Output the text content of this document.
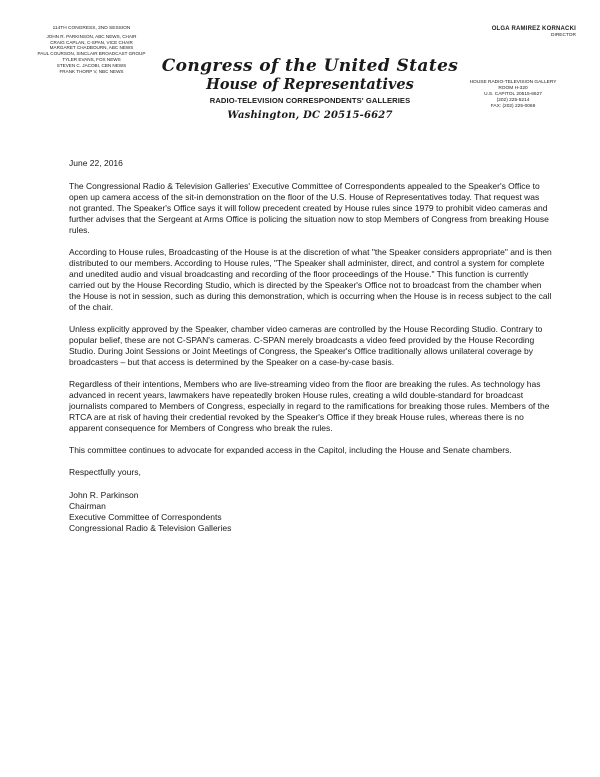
114TH CONGRESS, 2ND SESSION
JOHN R. PARKINSON, ABC NEWS, CHAIR
CRAIG CAPLAN, C-SPAN, VICE CHAIR
MARGARET CHADBOURN, ABC NEWS
PAUL COURSON, SINCLAIR BROADCAST GROUP
TYLER EVANS, FOX NEWS
STEVEN C. JACOBI, CBN NEWS
FRANK THORP V, NBC NEWS
OLGA RAMIREZ KORNACKI
DIRECTOR
HOUSE RADIO-TELEVISION GALLERY
ROOM H-320
U.S. CAPITOL 20515-6627
(202) 225-5214
FAX: (202) 225-0069
Congress of the United States
House of Representatives
RADIO-TELEVISION CORRESPONDENTS' GALLERIES
Washington, DC 20515-6627

June 22, 2016

The Congressional Radio & Television Galleries' Executive Committee of Correspondents appealed to the Speaker's Office to open up camera access of the sit-in demonstration on the floor of the U.S. House of Representatives today. That request was not granted. The Speaker's Office says it will follow precedent created by House rules since 1979 to prohibit video cameras and further advises that the Sergeant at Arms Office is policing the situation now to stop Members of Congress from breaking House rules.

According to House rules, Broadcasting of the House is at the discretion of what "the Speaker considers appropriate" and is then distributed to our members. According to House rules, "The Speaker shall administer, direct, and control a system for complete and unedited audio and visual broadcasting and recording of the floor proceedings of the House." This function is currently carried out by the House Recording Studio, which is directed by the Speaker's Office not to broadcast from the chamber when the House is not in session, such as during this demonstration, which is occurring when the House is in recess subject to the call of the chair.

Unless explicitly approved by the Speaker, chamber video cameras are controlled by the House Recording Studio. Contrary to popular belief, these are not C-SPAN's cameras. C-SPAN merely broadcasts a video feed provided by the House Recording Studio. During Joint Sessions or Joint Meetings of Congress, the Speaker's Office traditionally allows unilateral coverage by broadcasters – but that access is determined by the Speaker on a case-by-case basis.

Regardless of their intentions, Members who are live-streaming video from the floor are breaking the rules. As technology has advanced in recent years, lawmakers have repeatedly broken House rules, creating a wild double-standard for broadcast journalists compared to Members of Congress, especially in regard to the ramifications for breaking those rules. Members of the RTCA are at risk of having their credential revoked by the Speaker's Office if they break House rules, whereas there is no apparent consequence for Members of Congress who break the rules.

This committee continues to advocate for expanded access in the Capitol, including the House and Senate chambers.

Respectfully yours,

John R. Parkinson
Chairman
Executive Committee of Correspondents
Congressional Radio & Television Galleries
